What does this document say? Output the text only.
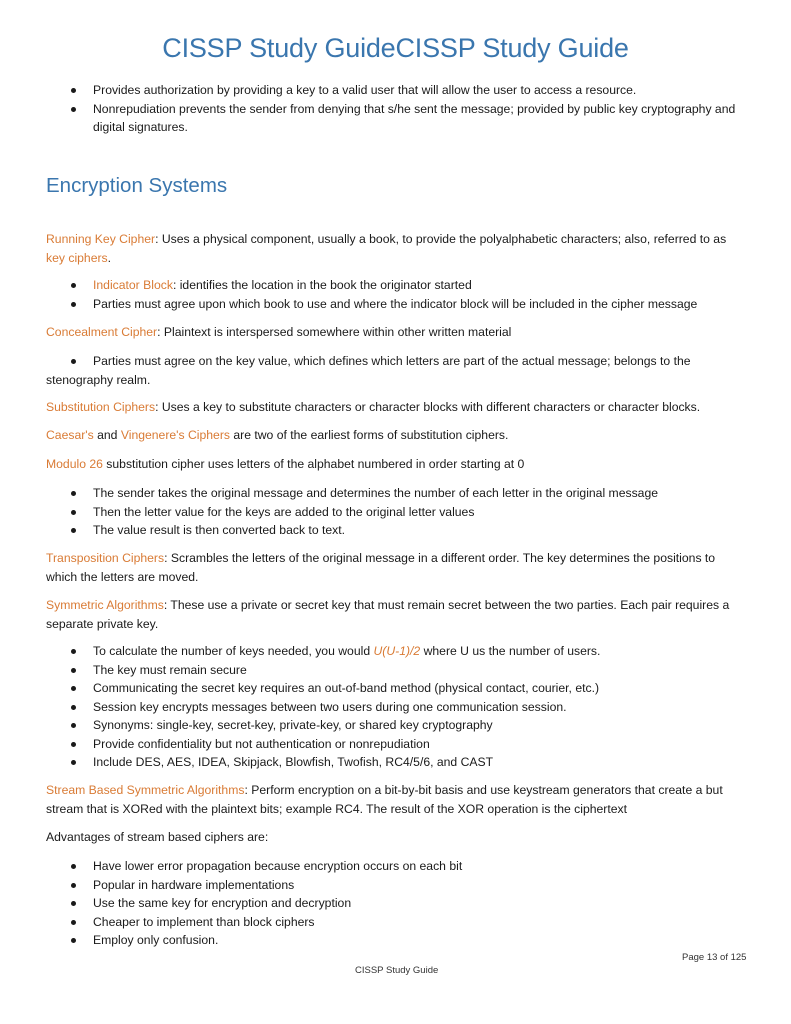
CISSP Study GuideCISSP Study Guide
Provides authorization by providing a key to a valid user that will allow the user to access a resource.
Nonrepudiation prevents the sender from denying that s/he sent the message; provided by public key cryptography and digital signatures.
Encryption Systems

Running Key Cipher: Uses a physical component, usually a book, to provide the polyalphabetic characters; also, referred to as key ciphers.

Indicator Block: identifies the location in the book the originator started
Parties must agree upon which book to use and where the indicator block will be included in the cipher message

Concealment Cipher: Plaintext is interspersed somewhere within other written material

Parties must agree on the key value, which defines which letters are part of the actual message; belongs to the stenography realm.

Substitution Ciphers: Uses a key to substitute characters or character blocks with different characters or character blocks.

Caesar's and Vingenere's Ciphers are two of the earliest forms of substitution ciphers.

Modulo 26 substitution cipher uses letters of the alphabet numbered in order starting at 0

The sender takes the original message and determines the number of each letter in the original message
Then the letter value for the keys are added to the original letter values
The value result is then converted back to text.

Transposition Ciphers: Scrambles the letters of the original message in a different order. The key determines the positions to which the letters are moved.

Symmetric Algorithms: These use a private or secret key that must remain secret between the two parties. Each pair requires a separate private key.

To calculate the number of keys needed, you would U(U-1)/2 where U us the number of users.
The key must remain secure
Communicating the secret key requires an out-of-band method (physical contact, courier, etc.)
Session key encrypts messages between two users during one communication session.
Synonyms: single-key, secret-key, private-key, or shared key cryptography
Provide confidentiality but not authentication or nonrepudiation
Include DES, AES, IDEA, Skipjack, Blowfish, Twofish, RC4/5/6, and CAST

Stream Based Symmetric Algorithms: Perform encryption on a bit-by-bit basis and use keystream generators that create a but stream that is XORed with the plaintext bits; example RC4. The result of the XOR operation is the ciphertext

Advantages of stream based ciphers are:

Have lower error propagation because encryption occurs on each bit
Popular in hardware implementations
Use the same key for encryption and decryption
Cheaper to implement than block ciphers
Employ only confusion.
Page 13 of 125
CISSP Study Guide
